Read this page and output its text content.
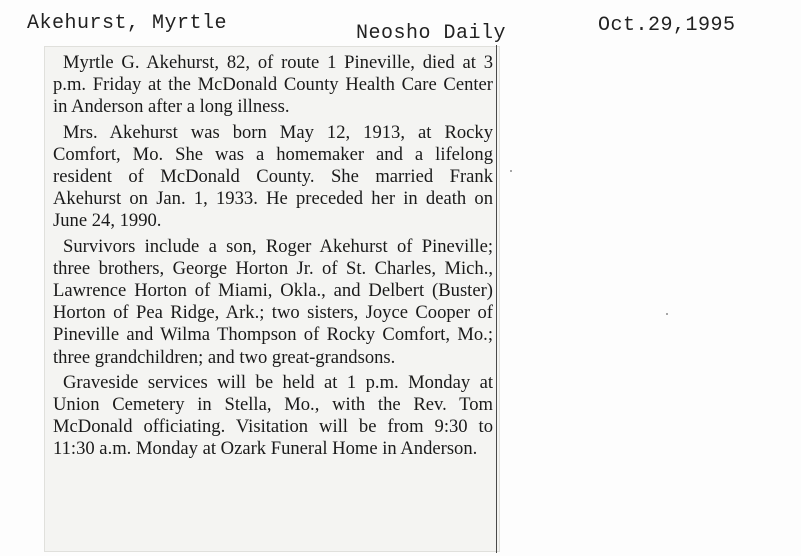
Akehurst, Myrtle	Neosho Daily	Oct.29,1995

Myrtle G. Akehurst, 82, of route 1 Pineville, died at 3 p.m. Friday at the McDonald County Health Care Center in Anderson after a long illness.

Mrs. Akehurst was born May 12, 1913, at Rocky Comfort, Mo. She was a homemaker and a lifelong resident of McDonald County. She married Frank Akehurst on Jan. 1, 1933. He preceded her in death on June 24, 1990.

Survivors include a son, Roger Akehurst of Pineville; three brothers, George Horton Jr. of St. Charles, Mich., Lawrence Horton of Miami, Okla., and Delbert (Buster) Horton of Pea Ridge, Ark.; two sisters, Joyce Cooper of Pineville and Wilma Thompson of Rocky Comfort, Mo.; three grandchildren; and two great-grandsons.

Graveside services will be held at 1 p.m. Monday at Union Cemetery in Stella, Mo., with the Rev. Tom McDonald officiating. Visitation will be from 9:30 to 11:30 a.m. Monday at Ozark Funeral Home in Anderson.
